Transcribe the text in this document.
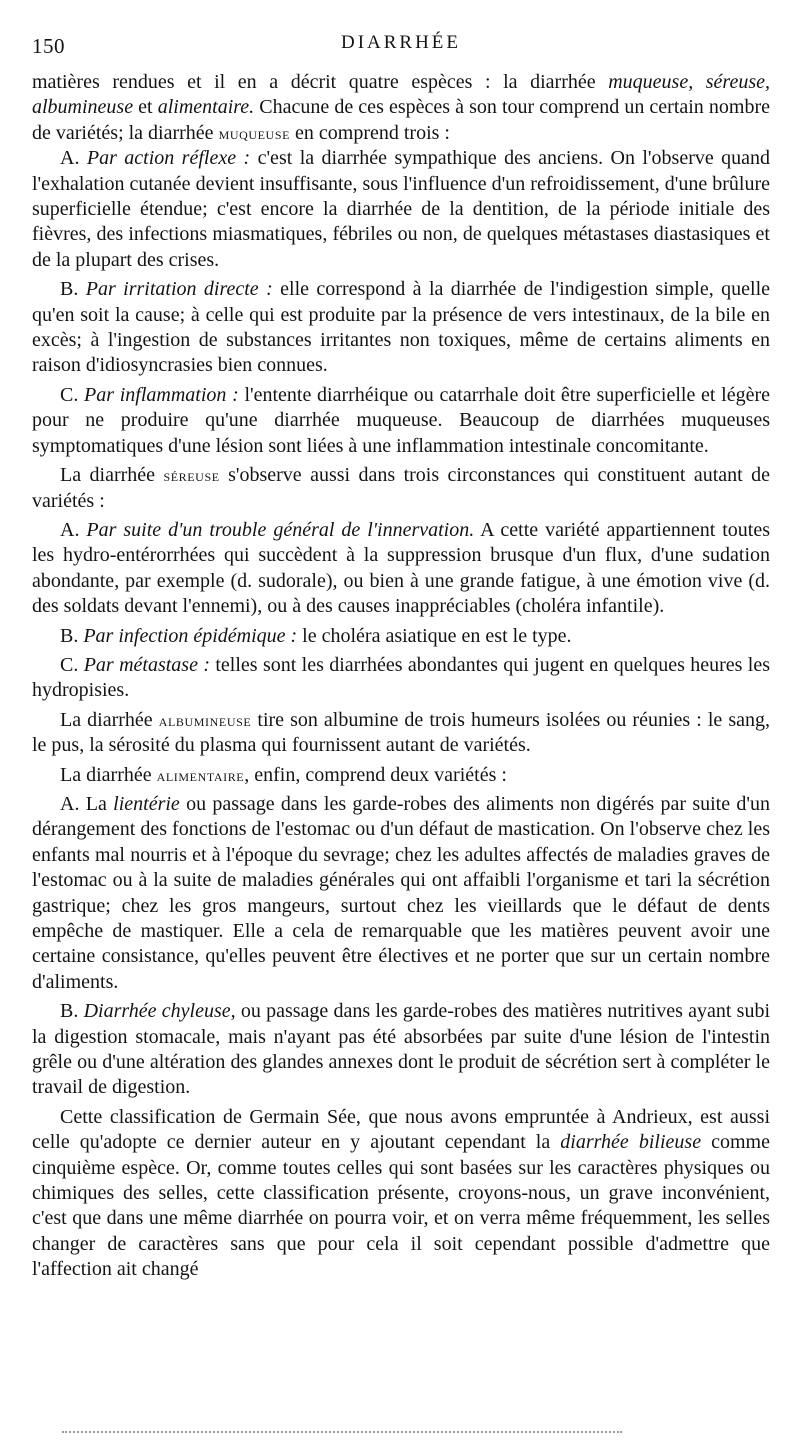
150	DIARRHÉE

matières rendues et il en a décrit quatre espèces : la diarrhée muqueuse, séreuse, albumineuse et alimentaire. Chacune de ces espèces à son tour comprend un certain nombre de variétés; la diarrhée muqueuse en comprend trois :

A. Par action réflexe : c'est la diarrhée sympathique des anciens. On l'observe quand l'exhalation cutanée devient insuffisante, sous l'influence d'un refroidissement, d'une brûlure superficielle étendue; c'est encore la diarrhée de la dentition, de la période initiale des fièvres, des infections miasmatiques, fébriles ou non, de quelques métastases diastasiques et de la plupart des crises.

B. Par irritation directe : elle correspond à la diarrhée de l'indigestion simple, quelle qu'en soit la cause; à celle qui est produite par la présence de vers intestinaux, de la bile en excès; à l'ingestion de substances irritantes non toxiques, même de certains aliments en raison d'idiosyncrasies bien connues.

C. Par inflammation : l'entente diarrhéique ou catarrhale doit être superficielle et légère pour ne produire qu'une diarrhée muqueuse. Beaucoup de diarrhées muqueuses symptomatiques d'une lésion sont liées à une inflammation intestinale concomitante.

La diarrhée séreuse s'observe aussi dans trois circonstances qui constituent autant de variétés :

A. Par suite d'un trouble général de l'innervation. A cette variété appartiennent toutes les hydro-entérorrhées qui succèdent à la suppression brusque d'un flux, d'une sudation abondante, par exemple (d. sudorale), ou bien à une grande fatigue, à une émotion vive (d. des soldats devant l'ennemi), ou à des causes inappréciables (choléra infantile).

B. Par infection épidémique : le choléra asiatique en est le type.

C. Par métastase : telles sont les diarrhées abondantes qui jugent en quelques heures les hydropisies.

La diarrhée albumineuse tire son albumine de trois humeurs isolées ou réunies : le sang, le pus, la sérosité du plasma qui fournissent autant de variétés.

La diarrhée alimentaire, enfin, comprend deux variétés :

A. La lientérie ou passage dans les garde-robes des aliments non digérés par suite d'un dérangement des fonctions de l'estomac ou d'un défaut de mastication. On l'observe chez les enfants mal nourris et à l'époque du sevrage; chez les adultes affectés de maladies graves de l'estomac ou à la suite de maladies générales qui ont affaibli l'organisme et tari la sécrétion gastrique; chez les gros mangeurs, surtout chez les vieillards que le défaut de dents empêche de mastiquer. Elle a cela de remarquable que les matières peuvent avoir une certaine consistance, qu'elles peuvent être électives et ne porter que sur un certain nombre d'aliments.

B. Diarrhée chyleuse, ou passage dans les garde-robes des matières nutritives ayant subi la digestion stomacale, mais n'ayant pas été absorbées par suite d'une lésion de l'intestin grêle ou d'une altération des glandes annexes dont le produit de sécrétion sert à compléter le travail de digestion.

Cette classification de Germain Sée, que nous avons empruntée à Andrieux, est aussi celle qu'adopte ce dernier auteur en y ajoutant cependant la diarrhée bilieuse comme cinquième espèce. Or, comme toutes celles qui sont basées sur les caractères physiques ou chimiques des selles, cette classification présente, croyons-nous, un grave inconvénient, c'est que dans une même diarrhée on pourra voir, et on verra même fréquemment, les selles changer de caractères sans que pour cela il soit cependant possible d'admettre que l'affection ait changé
